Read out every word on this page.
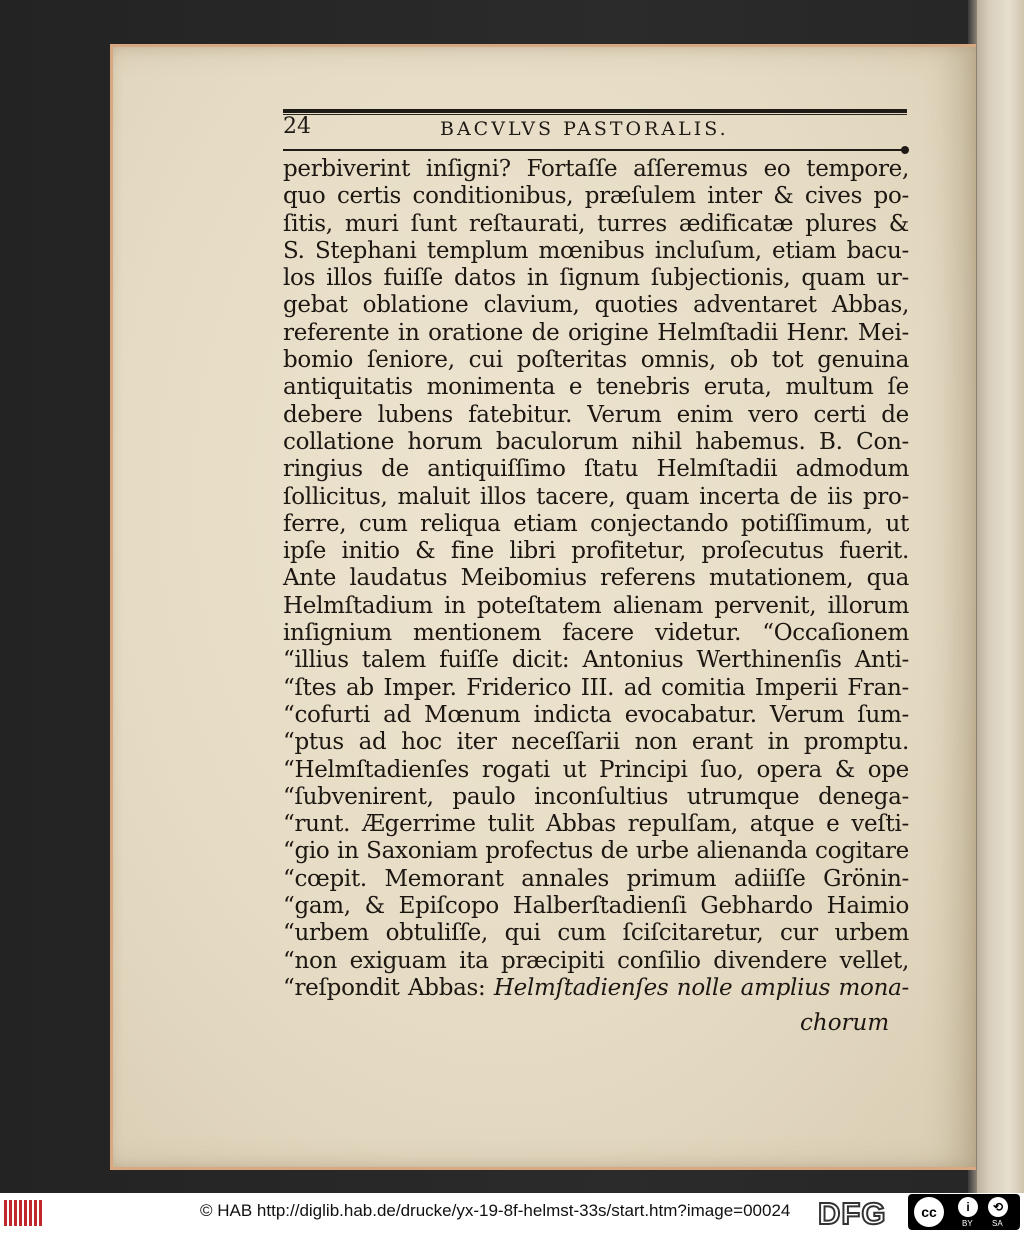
24	BACVLVS PASTORALIS.
perbiverint inſigni? Fortaſſe aſſeremus eo tempore,
quo certis conditionibus, præſulem inter & cives po-
ſitis, muri ſunt reſtaurati, turres ædificatæ plures &
S. Stephani templum mœnibus incluſum, etiam bacu-
los illos fuiſſe datos in ſignum ſubjectionis, quam ur-
gebat oblatione clavium, quoties adventaret Abbas,
referente in oratione de origine Helmſtadii Henr. Mei-
bomio ſeniore, cui poſteritas omnis, ob tot genuina
antiquitatis monimenta e tenebris eruta, multum ſe
debere lubens fatebitur. Verum enim vero certi de
collatione horum baculorum nihil habemus. B. Con-
ringius de antiquiſſimo ſtatu Helmſtadii admodum
ſollicitus, maluit illos tacere, quam incerta de iis pro-
ferre, cum reliqua etiam conjectando potiſſimum, ut
ipſe initio & fine libri profitetur, proſecutus fuerit.
Ante laudatus Meibomius referens mutationem, qua
Helmſtadium in poteſtatem alienam pervenit, illorum
inſignium mentionem facere videtur. “Occaſionem
“illius talem fuiſſe dicit: Antonius Werthinenſis Anti-
“ſtes ab Imper. Friderico III. ad comitia Imperii Fran-
“cofurti ad Mœnum indicta evocabatur. Verum ſum-
“ptus ad hoc iter neceſſarii non erant in promptu.
“Helmſtadienſes rogati ut Principi ſuo, opera & ope
“ſubvenirent, paulo inconſultius utrumque denega-
“runt. Ægerrime tulit Abbas repulſam, atque e veſti-
“gio in Saxoniam profectus de urbe alienanda cogitare
“cœpit. Memorant annales primum adiiſſe Grönin-
“gam, & Epiſcopo Halberſtadienſi Gebhardo Haimio
“urbem obtuliſſe, qui cum ſciſcitaretur, cur urbem
“non exiguam ita præcipiti conſilio divendere vellet,
“reſpondit Abbas: Helmſtadienſes nolle amplius mona-
chorum
© HAB http://diglib.hab.de/drucke/yx-19-8f-helmst-33s/start.htm?image=00024 DFG	cc	i	⟲
BY SA
